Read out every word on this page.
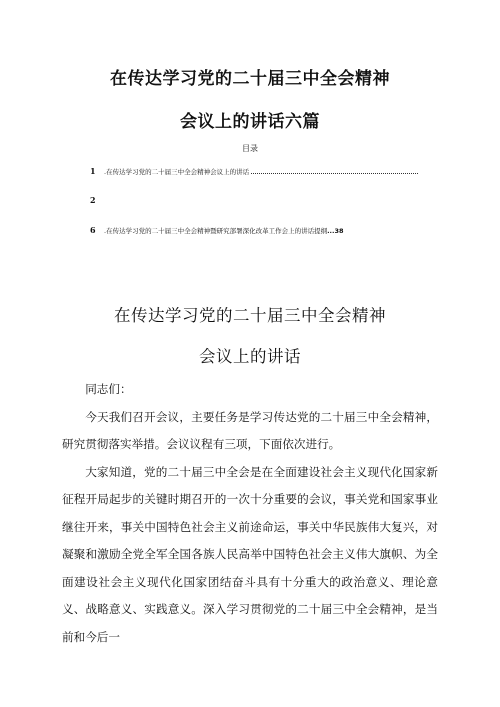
在传达学习党的二十届三中全会精神
会议上的讲话六篇
目录
1	.在传达学习党的二十届三中全会精神会议上的讲话
2
6	.在传达学习党的二十届三中全会精神暨研究部署深化改革工作会上的讲话提纲 ...38
在传达学习党的二十届三中全会精神
会议上的讲话

同志们：

今天我们召开会议，主要任务是学习传达党的二十届三中全会精神，研究贯彻落实举措。会议议程有三项，下面依次进行。

大家知道，党的二十届三中全会是在全面建设社会主义现代化国家新征程开局起步的关键时期召开的一次十分重要的会议，事关党和国家事业继往开来，事关中国特色社会主义前途命运，事关中华民族伟大复兴，对凝聚和激励全党全军全国各族人民高举中国特色社会主义伟大旗帜、为全面建设社会主义现代化国家团结奋斗具有十分重大的政治意义、理论意义、战略意义、实践意义。深入学习贯彻党的二十届三中全会精神，是当前和今后一
